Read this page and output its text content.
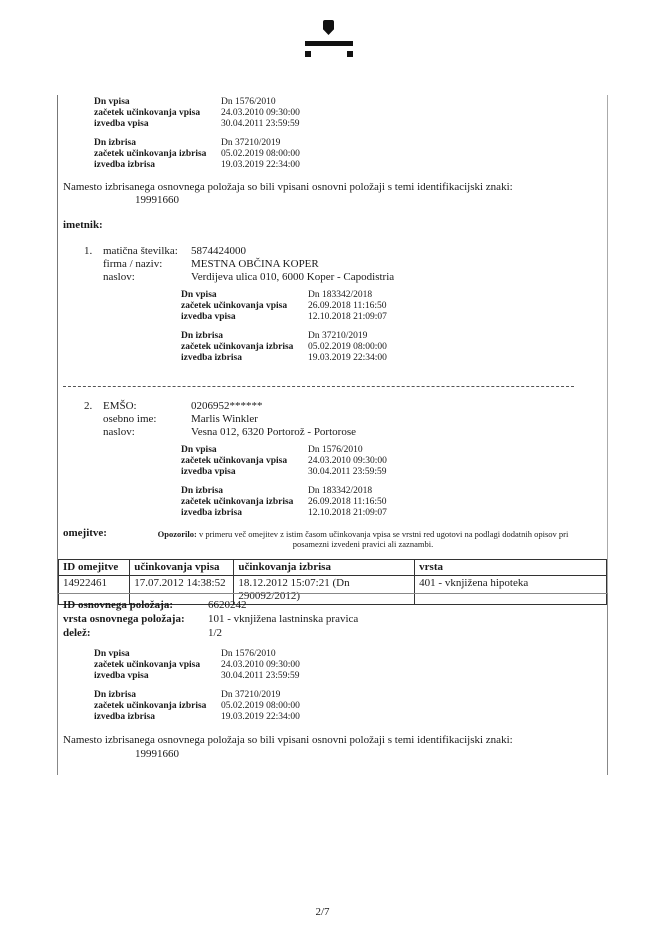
Dn vpisa	Dn 1576/2010
začetek učinkovanja vpisa	24.03.2010 09:30:00
izvedba vpisa	30.04.2011 23:59:59
Dn izbrisa	Dn 37210/2019
začetek učinkovanja izbrisa	05.02.2019 08:00:00
izvedba izbrisa	19.03.2019 22:34:00
Namesto izbrisanega osnovnega položaja so bili vpisani osnovni položaji s temi identifikacijski znaki:
19991660
imetnik:
1. matična številka:	5874424000
firma / naziv:	MESTNA OBČINA KOPER
naslov:	Verdijeva ulica 010, 6000 Koper - Capodistria
Dn vpisa	Dn 183342/2018
začetek učinkovanja vpisa	26.09.2018 11:16:50
izvedba vpisa	12.10.2018 21:09:07
Dn izbrisa	Dn 37210/2019
začetek učinkovanja izbrisa	05.02.2019 08:00:00
izvedba izbrisa	19.03.2019 22:34:00
2. EMŠO:	0206952******
osebno ime:	Marlis Winkler
naslov:	Vesna 012, 6320 Portorož - Portorose
Dn vpisa	Dn 1576/2010
začetek učinkovanja vpisa	24.03.2010 09:30:00
izvedba vpisa	30.04.2011 23:59:59
Dn izbrisa	Dn 183342/2018
začetek učinkovanja izbrisa	26.09.2018 11:16:50
izvedba izbrisa	12.10.2018 21:09:07
omejitve:	Opozorilo: v primeru več omejitev z istim časom učinkovanja vpisa se vrstni red ugotovi na podlagi dodatnih opisov pri posamezni izvedeni pravici ali zaznambi.
ID omejitve	učinkovanja vpisa	učinkovanja izbrisa	vrsta
14922461	17.07.2012 14:38:52	18.12.2012 15:07:21 (Dn 290092/2012)	401 - vknjižena hipoteka
ID osnovnega položaja:	6620242
vrsta osnovnega položaja:	101 - vknjižena lastninska pravica
delež:	1/2
Dn vpisa	Dn 1576/2010
začetek učinkovanja vpisa	24.03.2010 09:30:00
izvedba vpisa	30.04.2011 23:59:59
Dn izbrisa	Dn 37210/2019
začetek učinkovanja izbrisa	05.02.2019 08:00:00
izvedba izbrisa	19.03.2019 22:34:00
Namesto izbrisanega osnovnega položaja so bili vpisani osnovni položaji s temi identifikacijski znaki:
19991660
2/7
